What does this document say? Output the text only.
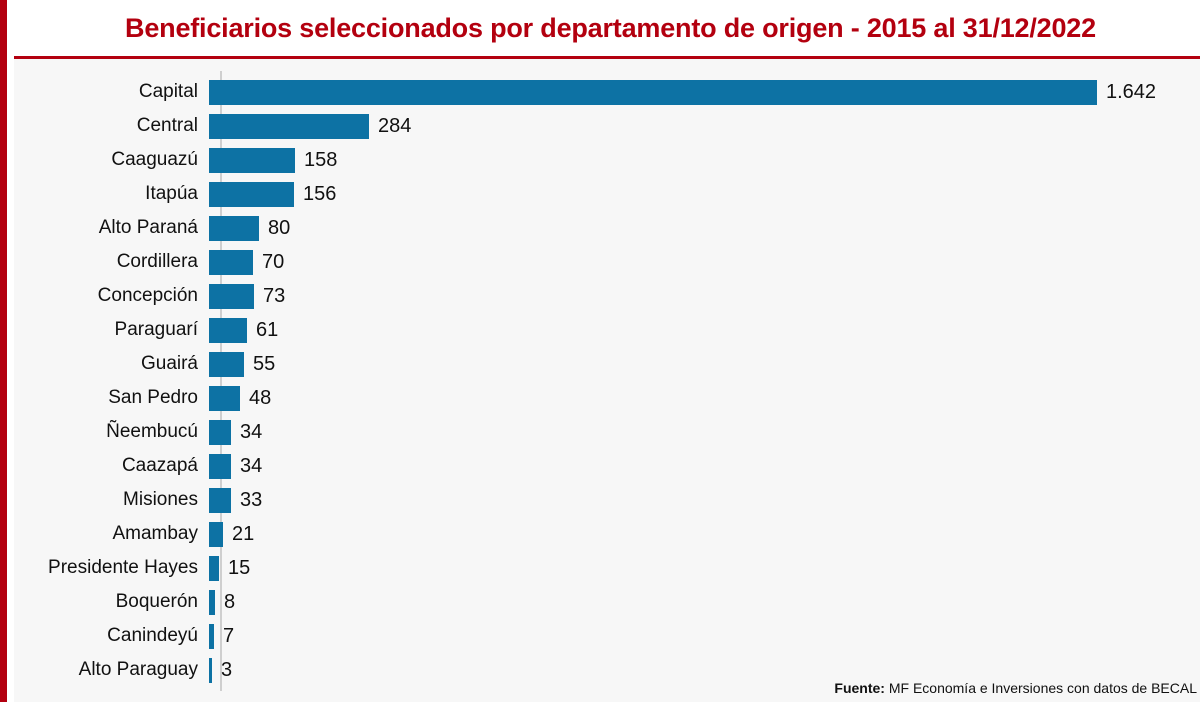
Beneficiarios seleccionados por departamento de origen - 2015 al 31/12/2022
Capital	1.642
Central	284
Caaguazú	158
Itapúa	156
Alto Paraná	80
Cordillera	70
Concepción	73
Paraguarí	61
Guairá	55
San Pedro	48
Ñeembucú	34
Caazapá	34
Misiones	33
Amambay	21
Presidente Hayes	15
Boquerón	8
Canindeyú	7
Alto Paraguay	3
Fuente: MF Economía e Inversiones con datos de BECAL
